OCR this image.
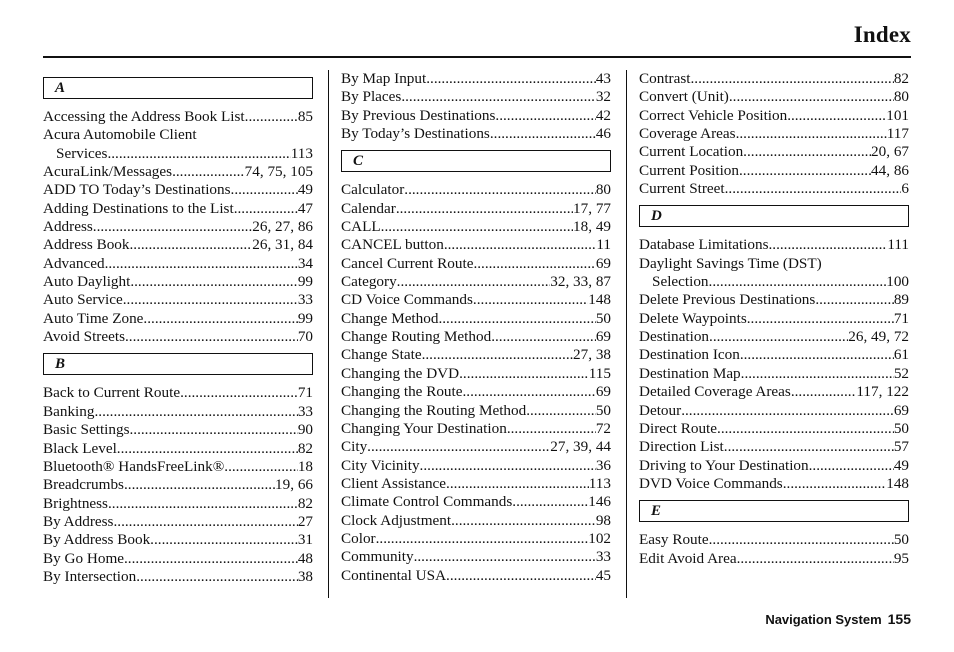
Index
A
Accessing the Address Book List .....	85
Acura Automobile Client
Services .....	113
AcuraLink/Messages .....	74, 75, 105
ADD TO Today’s Destinations .....	49
Adding Destinations to the List .....	47
Address .....	26, 27, 86
Address Book .....	26, 31, 84
Advanced .....	34
Auto Daylight .....	99
Auto Service .....	33
Auto Time Zone .....	99
Avoid Streets .....	70
B
Back to Current Route .....	71
Banking .....	33
Basic Settings .....	90
Black Level .....	82
Bluetooth® HandsFreeLink® .....	18
Breadcrumbs .....	19, 66
Brightness .....	82
By Address .....	27
By Address Book .....	31
By Go Home .....	48
By Intersection .....	38
By Map Input .....	43
By Places .....	32
By Previous Destinations .....	42
By Today’s Destinations .....	46
C
Calculator .....	80
Calendar .....	17, 77
CALL .....	18, 49
CANCEL button .....	11
Cancel Current Route .....	69
Category .....	32, 33, 87
CD Voice Commands .....	148
Change Method .....	50
Change Routing Method .....	69
Change State .....	27, 38
Changing the DVD .....	115
Changing the Route .....	69
Changing the Routing Method .....	50
Changing Your Destination .....	72
City .....	27, 39, 44
City Vicinity .....	36
Client Assistance .....	113
Climate Control Commands .....	146
Clock Adjustment .....	98
Color .....	102
Community .....	33
Continental USA .....	45
Contrast .....	82
Convert (Unit) .....	80
Correct Vehicle Position .....	101
Coverage Areas .....	117
Current Location .....	20, 67
Current Position .....	44, 86
Current Street .....	6
D
Database Limitations .....	111
Daylight Savings Time (DST)
Selection .....	100
Delete Previous Destinations .....	89
Delete Waypoints .....	71
Destination .....	26, 49, 72
Destination Icon .....	61
Destination Map .....	52
Detailed Coverage Areas .....	117, 122
Detour .....	69
Direct Route .....	50
Direction List .....	57
Driving to Your Destination .....	49
DVD Voice Commands .....	148
E
Easy Route .....	50
Edit Avoid Area .....	95
Navigation System 155
